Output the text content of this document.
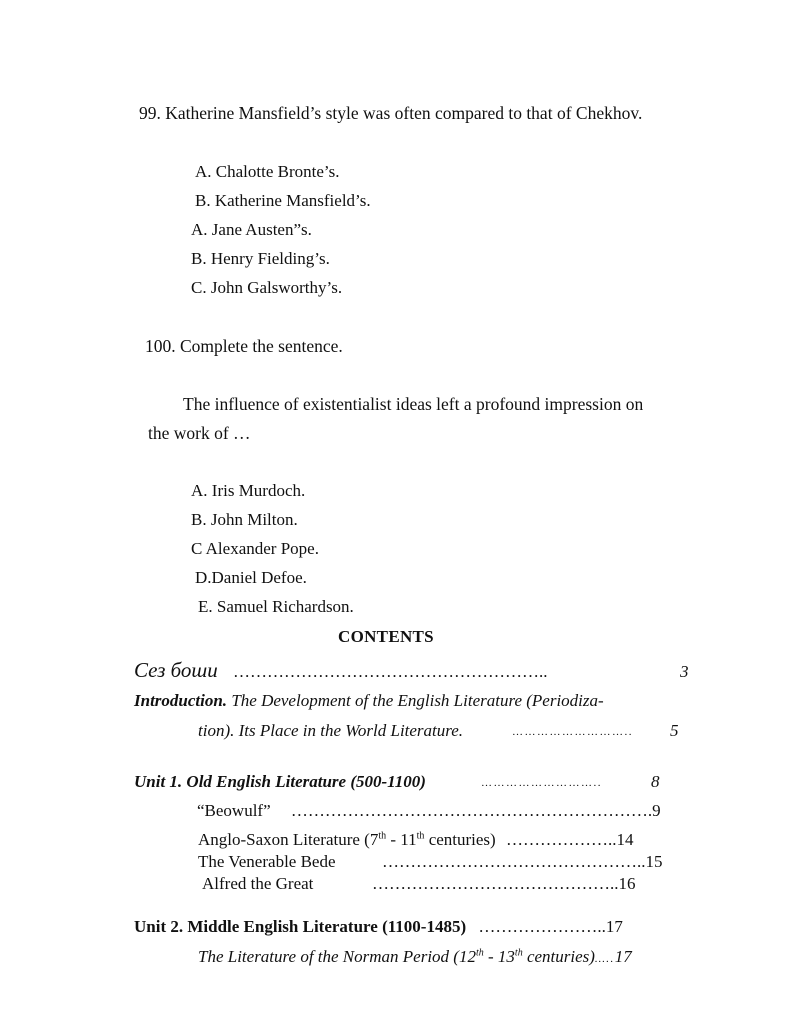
99. Katherine Mansfield’s style was often compared to that of Chekhov.
A. Chalotte Bronte’s.
B. Katherine Mansfield’s.
A. Jane Austen”s.
B. Henry Fielding’s.
C. John Galsworthy’s.
100. Complete the sentence.
The influence of existentialist ideas left a profound impression on
the work of …
A. Iris Murdoch.
B. John Milton.
C Alexander Pope.
D.Daniel Defoe.
E. Samuel Richardson.
CONTENTS
Сез боши ………………………………………………..	3
Introduction. The Development of the English Literature (Periodiza-
tion). Its Place in the World Literature.	……………………….. 5
Unit 1. Old English Literature (500-1100)	………………………..	8
“Beowulf” ……………………………………………………….9
Anglo-Saxon Literature (7th - 11th centuries) ………………..14
The Venerable Bede	………………………………………..15
Alfred the Great	……………………………………..16
Unit 2. Middle English Literature (1100-1485) …………………..17
The Literature of the Norman Period (12th - 13th centuries)…..17
